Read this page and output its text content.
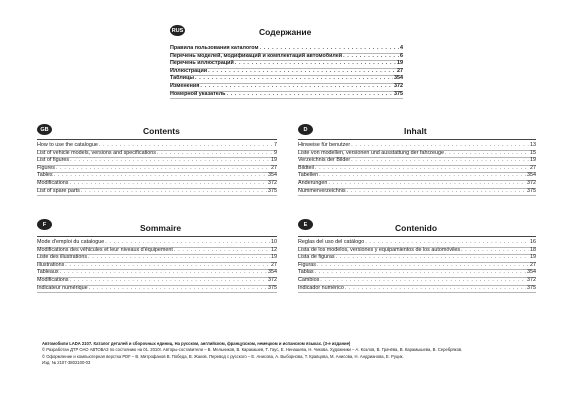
RUS	Содержание
Правила пользования каталогом . . .	4
Перечень моделей, модификаций и комплектаций автомобилей . . .	6
Перечень иллюстраций . . .	19
Иллюстрации . . .	27
Таблицы . . .	354
Изменения . . .	372
Номерной указатель . . .	375
GB	Contents
How to use the catalogue . . .	7
List of vehicle models, versions and specifications . . .	9
List of figures . . .	19
Figures . . .	27
Tables . . .	354
Modifications . . .	372
List of spare parts . . .	375
D	Inhalt
Hinweise für benutzer . . .	13
Liste von modellen, versionen und ausstattung der fahrzeuge . . .	15
Verzeichnis der Bilder . . .	19
Bildteil . . .	27
Tabellen . . .	354
Änderungen . . .	372
Nummerverzeichnis . . .	375
F	Sommaire
Mode d'emploi du catalogue . . .	10
Modifications des véhicules et leur niveaux d'équipement . . .	12
Liste des illustrations . . .	19
Illustrations . . .	27
Tableaux . . .	354
Modifications . . .	372
Indicateur numérique . . .	375
E	Contenido
Reglas del uso del catálogo . . .	16
Lista de los modelos, versiones y equipamientos de los automóviles . . .	18
Lista de figuras . . .	19
Figuras . . .	27
Tablas . . .	354
Cambios . . .	372
Indicador numérico . . .	375
Автомобили LADA 2107. Каталог деталей и сборочных единиц. На русском, английском, французском, немецком и испанском языках. (3-е издание)
© Разработан ДТР ОАО АВТОВАЗ по состоянию на 01. 2010г. Авторы-составители – В. Мельников, В. Каракашев, Т. Гаус, Е. Ненашева, Н. Чикова. Художники – А. Козлов, В. Грачёва, В. Карамышева, В. Серебряков.
© Оформление и компьютерная верстка PDF – В. Митрофанов В. Победа, В. Жаков. Перевод с русского – Е. Анисова, А. Выборнова, Т. Кравцова, М. Анисова, Н. Андрианова, Е. Руцик.
Изд. № 2107-3802100-03
